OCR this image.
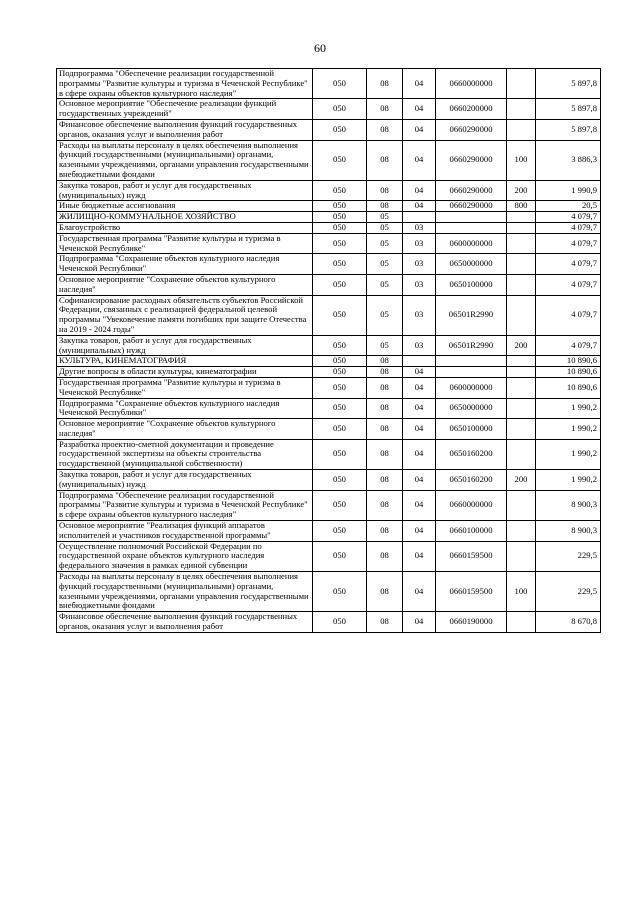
60
Подпрограмма "Обеспечение реализации государственной программы "Развитие культуры и туризма в Чеченской Республике" в сфере охраны объектов культурного наследия"	050	08	04	0660000000		5 897,8
Основное мероприятие "Обеспечение реализации функций государственных учреждений"	050	08	04	0660200000		5 897,8
Финансовое обеспечение выполнения функций государственных органов, оказания услуг и выполнения работ	050	08	04	0660290000		5 897,8
Расходы на выплаты персоналу в целях обеспечения выполнения функций государственными (муниципальными) органами, казенными учреждениями, органами управления государственными внебюджетными фондами	050	08	04	0660290000	100	3 886,3
Закупка товаров, работ и услуг для государственных (муниципальных) нужд	050	08	04	0660290000	200	1 990,9
Иные бюджетные ассигнования	050	08	04	0660290000	800	20,5
ЖИЛИЩНО-КОММУНАЛЬНОЕ ХОЗЯЙСТВО	050	05				4 079,7
Благоустройство	050	05	03			4 079,7
Государственная программа "Развитие культуры и туризма в Чеченской Республике"	050	05	03	0600000000		4 079,7
Подпрограмма "Сохранение объектов культурного наследия Чеченской Республики"	050	05	03	0650000000		4 079,7
Основное мероприятие "Сохранение объектов культурного наследия"	050	05	03	0650100000		4 079,7
Софинансирование расходных обязательств субъектов Российской Федерации, связанных с реализацией федеральной целевой программы "Увековечение памяти погибших при защите Отечества на 2019 - 2024 годы"	050	05	03	06501R2990		4 079,7
Закупка товаров, работ и услуг для государственных (муниципальных) нужд	050	05	03	06501R2990	200	4 079,7
КУЛЬТУРА, КИНЕМАТОГРАФИЯ	050	08				10 890,6
Другие вопросы в области культуры, кинематографии	050	08	04			10 890,6
Государственная программа "Развитие культуры и туризма в Чеченской Республике"	050	08	04	0600000000		10 890,6
Подпрограмма "Сохранение объектов культурного наследия Чеченской Республики"	050	08	04	0650000000		1 990,2
Основное мероприятие "Сохранение объектов культурного наследия"	050	08	04	0650100000		1 990,2
Разработка проектно-сметной документации и проведение государственной экспертизы на объекты строительства государственной (муниципальной собственности)	050	08	04	0650160200		1 990,2
Закупка товаров, работ и услуг для государственных (муниципальных) нужд	050	08	04	0650160200	200	1 990,2
Подпрограмма "Обеспечение реализации государственной программы "Развитие культуры и туризма в Чеченской Республике" в сфере охраны объектов культурного наследия"	050	08	04	0660000000		8 900,3
Основное мероприятие "Реализация функций аппаратов исполнителей и участников государственной программы"	050	08	04	0660100000		8 900,3
Осуществление полномочий Российской Федерации по государственной охране объектов культурного наследия федерального значения в рамках единой субвенции	050	08	04	0660159500		229,5
Расходы на выплаты персоналу в целях обеспечения выполнения функций государственными (муниципальными) органами, казенными учреждениями, органами управления государственными внебюджетными фондами	050	08	04	0660159500	100	229,5
Финансовое обеспечение выполнения функций государственных органов, оказания услуг и выполнения работ	050	08	04	0660190000		8 670,8
